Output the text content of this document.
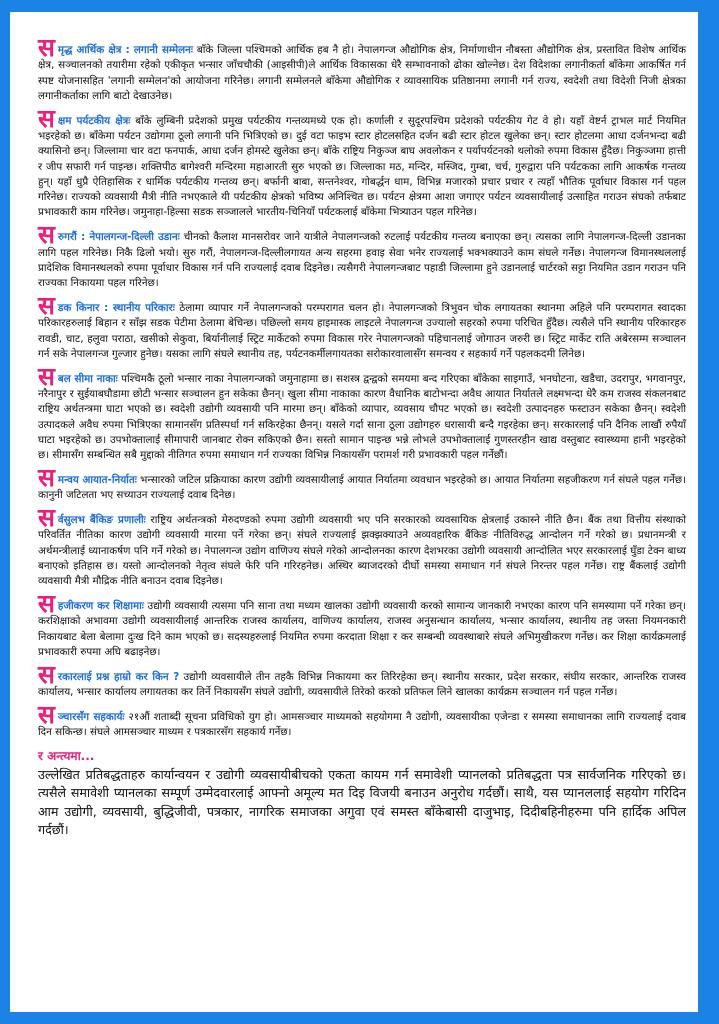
समृद्ध आर्थिक क्षेत्र : लगानी सम्मेलनः बाँके जिल्ला पश्चिमको आर्थिक हब नै हो। नेपालगन्ज औद्योगिक क्षेत्र, निर्माणाधीन नौबस्ता औद्योगिक क्षेत्र, प्रस्तावित विशेष आर्थिक क्षेत्र, सञ्चालनको तयारीमा रहेको एकीकृत भन्सार जाँचचौकी (आइसीपी)ले आर्थिक विकासका धेरै सम्भावनाको ढोका खोल्नेछ। देश विदेशका लगानीकर्ता बाँकेमा आकर्षित गर्न स्पष्ट योजनासहित 'लगानी सम्मेलन'को आयोजना गरिनेछ। लगानी सम्मेलनले बाँकेमा औद्योगिक र व्यावसायिक प्रतिष्ठानमा लगानी गर्न राज्य, स्वदेशी तथा विदेशी निजी क्षेत्रका लगानीकर्ताका लागि बाटो देखाउनेछ।

सक्षम पर्यटकीय क्षेत्रः बाँके लुम्बिनी प्रदेशको प्रमुख पर्यटकीय गन्तव्यमध्ये एक हो। कर्णाली र सुदूरपश्चिम प्रदेशको पर्यटकीय गेट वे हो। यहाँ वेष्टर्न ट्राभल मार्ट नियमित भइरहेको छ। बाँकेमा पर्यटन उद्योगमा ठूलो लगानी पनि भित्रिएको छ। दुई वटा फाइभ स्टार होटलसहित दर्जन बढी स्टार होटल खुलेका छन्। स्टार होटलमा आधा दर्जनभन्दा बढी क्यासिनो छन्। जिल्लामा चार वटा फनपार्क, आधा दर्जन होमस्टे खुलेका छन्। बाँके राष्ट्रिय निकुञ्ज बाघ अवलोकन र पर्यापर्यटनको थलोको रुपमा विकास हुँदैछ। निकुञ्जमा हात्ती र जीप सफारी गर्न पाइन्छ। शक्तिपीठ बागेश्वरी मन्दिरमा महाआरती सुरु भएको छ। जिल्लाका मठ, मन्दिर, मस्जिद, गुम्बा, चर्च, गुरुद्वारा पनि पर्यटकका लागि आकर्षक गन्तव्य हुन्। यहाँ धुप्रै ऐतिहासिक र धार्मिक पर्यटकीय गन्तव्य छन्। बर्फानी बाबा, सन्तनेश्वर, गोबर्द्धन धाम, विभिन्न मजारको प्रचार प्रचार र त्यहाँ भौतिक पूर्वाधार विकास गर्न पहल गरिनेछ। राज्यको व्यवसायी मैत्री नीति नभएकाले यी पर्यटकीय क्षेत्रको भविष्य अनिश्चित छ। पर्यटन क्षेत्रमा आशा जगाएर पर्यटन व्यवसायीलाई उत्साहित गराउन संघको तर्फबाट प्रभावकारी काम गरिनेछ। जमुनाहा-हिल्सा सडक सञ्जालले भारतीय-चिनियाँ पर्यटकलाई बाँकेमा भित्र्याउन पहल गरिनेछ।

सरुगरौं : नेपालगन्ज-दिल्ली उडानः चीनको कैलाश मानसरोवर जाने यात्रीले नेपालगन्जको रुटलाई पर्यटकीय गन्तव्य बनाएका छन्। त्यसका लागि नेपालगन्ज-दिल्ली उडानका लागि पहल गरिनेछ। निकै ढिलो भयो। सुरु गरौं, नेपालगन्ज-दिल्लीलगायत अन्य सहरमा हवाइ सेवा भनेर राज्यलाई भक्भक्याउने काम संघले गर्नेछ। नेपालगन्ज विमानस्थललाई प्रादेशिक विमानस्थलको रुपमा पूर्वाधार विकास गर्न पनि राज्यलाई दवाब दिइनेछ। त्यसैगरी नेपालगन्जबाट पहाडी जिल्लामा हुने उडानलाई चार्टरको सट्टा नियमित उडान गराउन पनि राज्यका निकायमा पहल गरिनेछ।

सडक किनार : स्थानीय परिकारः ठेलामा व्यापार गर्ने नेपालगन्जको परम्परागत चलन हो। नेपालगन्जको त्रिभुवन चोक लगायतका स्थानमा अहिले पनि परम्परागत स्वादका परिकारहरुलाई बिहान र साँझ सडक पेटीमा ठेलामा बेचिन्छ। पछिल्लो समय हाइमास्क लाइटले नेपालगन्ज उज्यालो सहरको रुपमा परिचित हुँदैछ। त्यसैले पनि स्थानीय परिकारहरु रावडी, चाट, हलुवा पराठा, खसीको सेकुवा, बिर्यानीलाई स्ट्रिट मार्केटको रुपमा विकास गरेर नेपालगन्जको पहिचानलाई जोगाउन जरुरी छ। स्ट्रिट मार्केट राति अबेरसम्म सञ्चालन गर्न सके नेपालगन्ज गुल्जार हुनेछ। यसका लागि संघले स्थानीय तह, पर्यटनकर्मीलगायतका सरोकारवालासँग समन्वय र सहकार्य गर्ने पहलकदमी लिनेछ।

सबल सीमा नाकाः पश्चिमकै ठूलो भन्सार नाका नेपालगन्जको जमुनाहामा छ। सशस्त्र द्वन्द्वको समयमा बन्द गरिएका बाँकेका साइगाउँ, भनघोटना, खडैचा, उदरापुर, भगवानपुर, नरैनापुर र सुईयाबघौडामा छोटी भन्सार सञ्चालन हुन सकेका छैनन्। खुला सीमा नाकाका कारण वैधानिक बाटोभन्दा अवैध आयात निर्यातले लक्ष्मभन्दा धेरै कम राजस्व संकलनबाट राष्ट्रिय अर्थतन्त्रमा घाटा भएको छ। स्वदेशी उद्योगी व्यवसायी पनि मारमा छन्। बाँकेको व्यापार, व्यवसाय चौपट भएको छ। स्वदेशी उत्पादनहरु फस्टाउन सकेका छैनन्। स्वदेशी उत्पादकले अवैध रुपमा भित्रिएका सामानसँग प्रतिस्पर्धा गर्न सकिरहेका छैनन्। यसले गर्दा साना ठूला उद्योगहरु धरासायी बन्दै गइरहेका छन्। सरकारलाई पनि दैनिक लाखौं रुपैयाँ घाटा भइरहेको छ। उपभोक्तालाई सीमापारी जानबाट रोक्न सकिएको छैन। सस्तो सामान पाइन्छ भन्ने लोभले उपभोक्तालाई गुणस्तरहीन खाद्य वस्तुबाट स्वास्थ्यमा हानी भइरहेको छ। सीमासँग सम्बन्धित सबै मुद्दाको नीतिगत रुपमा समाधान गर्न राज्यका विभिन्न निकायसँग परामर्श गरी प्रभावकारी पहल गर्नेछौं।

समन्वय आयात-निर्यातः भन्सारको जटिल प्रक्रियाका कारण उद्योगी व्यवसायीलाई आयात निर्यातमा व्यवधान भइरहेको छ। आयात निर्यातमा सहजीकरण गर्न संघले पहल गर्नेछ। कानुनी जटिलता भए सच्याउन राज्यलाई दवाब दिनेछ।

सर्वसुलभ बैंकिङ प्रणालीः राष्ट्रिय अर्थतन्त्रको मेरुदण्डको रुपमा उद्योगी व्यवसायी भए पनि सरकारको व्यवसायिक क्षेत्रलाई उकास्ने नीति छैन। बैंक तथा वित्तीय संस्थाको परिवर्तित नीतिका कारण उद्योगी व्यवसायी मारमा पर्ने गरेका छन्। संघले राज्यलाई झक्झक्याउने अव्यवहारिक बैंकिङ नीतिविरुद्ध आन्दोलन गर्ने गरेको छ। प्रधानमन्त्री र अर्थमन्त्रीलाई ध्यानाकर्षण पनि गर्ने गरेको छ। नेपालगन्ज उद्योग वाणिज्य संघले गरेको आन्दोलनका कारण देशभरका उद्योगी व्यवसायी आन्दोलित भएर सरकारलाई घुँडा टेक्न बाध्य बनाएको इतिहास छ। यस्तो आन्दोलनको नेतृत्व संघले फेरि पनि गरिरहनेछ। अस्थिर ब्याजदरको दीर्घो समस्या समाधान गर्न संघले निरन्तर पहल गर्नेछ। राष्ट्र बैंकलाई उद्योगी व्यवसायी मैत्री मौद्रिक नीति बनाउन दवाब दिइनेछ।

सहजीकरण कर शिक्षामाः उद्योगी व्यवसायी त्यसमा पनि साना तथा मध्यम खालका उद्योगी व्यवसायी करको सामान्य जानकारी नभएका कारण पनि समस्यामा पर्ने गरेका छन्। करशिक्षाको अभावमा उद्योगी व्यवसायीलाई आन्तरिक राजस्व कार्यालय, वाणिज्य कार्यालय, राजस्व अनुसन्धान कार्यालय, भन्सार कार्यालय, स्थानीय तह जस्ता नियमनकारी निकायबाट बेला बेलामा दुःख दिने काम भएको छ। सदस्यहरुलाई नियमित रुपमा करदाता शिक्षा र कर सम्बन्धी व्यवस्थाबारे संघले अभिमुखीकरण गर्नेछ। कर शिक्षा कार्यक्रमलाई प्रभावकारी रुपमा अघि बढाइनेछ।

सरकारलाई प्रश्न हाम्रो कर किन ? उद्योगी व्यवसायीले तीन तहकै विभिन्न निकायमा कर तिरिरहेका छन्। स्थानीय सरकार, प्रदेश सरकार, संघीय सरकार, आन्तरिक राजस्व कार्यालय, भन्सार कार्यालय लगायतका कर तिर्ने निकायसँग संघले उद्योगी, व्यवसायीले तिरेको करको प्रतिफल लिने खालका कार्यक्रम सञ्चालन गर्न पहल गर्नेछ।

सञ्चारसँग सहकार्यः २१औं शताब्दी सूचना प्रविधिको युग हो। आमसञ्चार माध्यमको सहयोगमा नै उद्योगी, व्यवसायीका एजेन्डा र समस्या समाधानका लागि राज्यलाई दवाब दिन सकिन्छ। संघले आमसञ्चार माध्यम र पत्रकारसँग सहकार्य गर्नेछ।

र अन्त्यमा...

उल्लेखित प्रतिबद्धताहरु कार्यान्वयन र उद्योगी व्यवसायीबीचको एकता कायम गर्न समावेशी प्यानलको प्रतिबद्धता पत्र सार्वजनिक गरिएको छ। त्यसैले समावेशी प्यानलका सम्पूर्ण उम्मेदवारलाई आफ्नो अमूल्य मत दिइ विजयी बनाउन अनुरोध गर्दछौं। साथै, यस प्यानललाई सहयोग गरिदिन आम उद्योगी, व्यवसायी, बुद्धिजीवी, पत्रकार, नागरिक समाजका अगुवा एवं समस्त बाँकेबासी दाजुभाइ, दिदीबहिनीहरुमा पनि हार्दिक अपिल गर्दछौं।
